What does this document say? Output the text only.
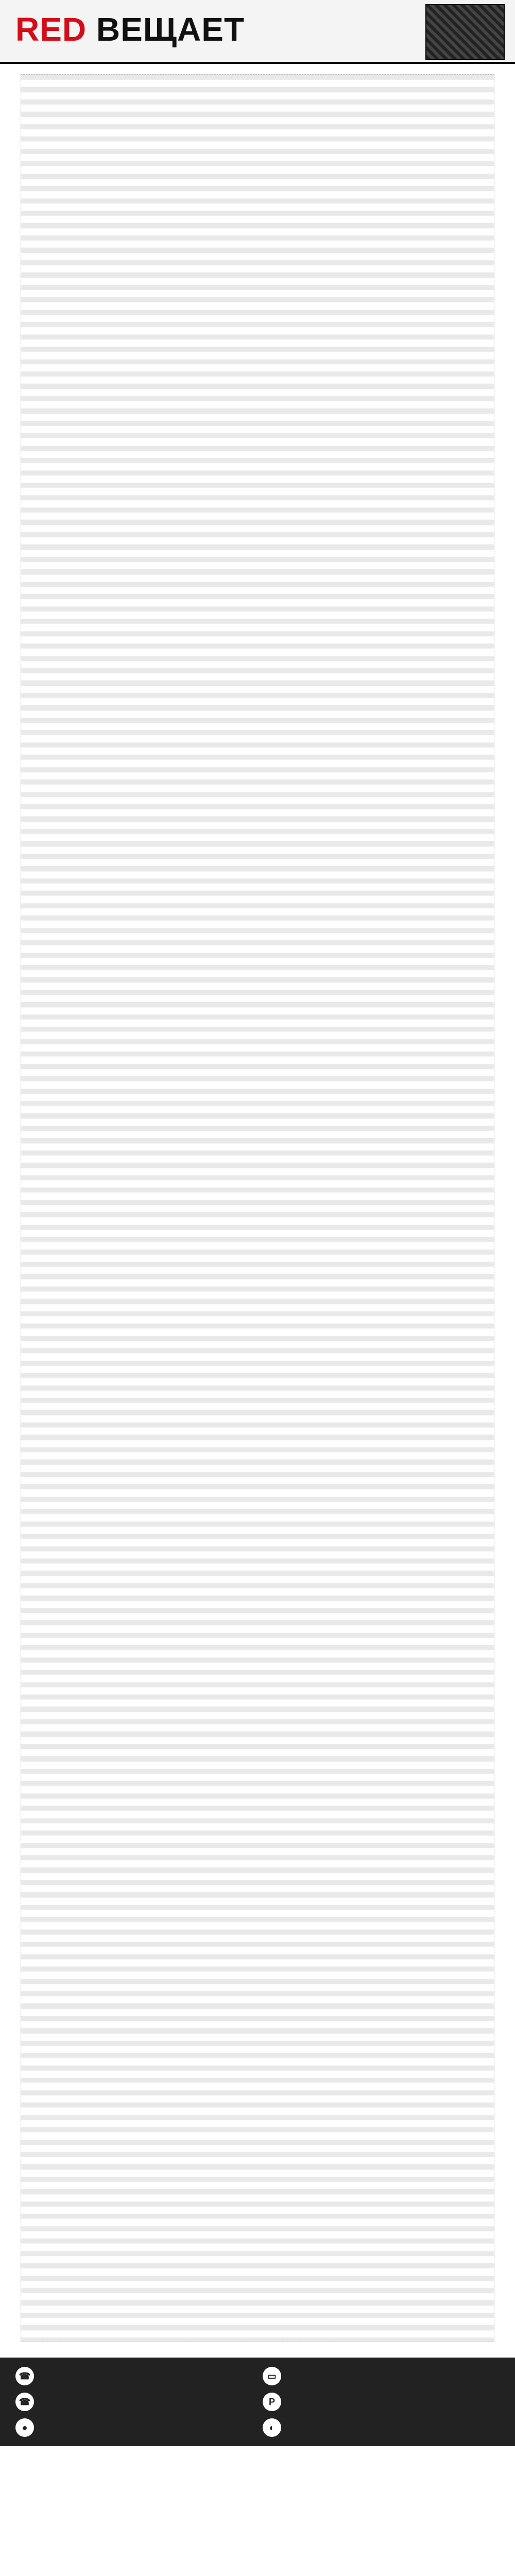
RED ВЕЩАЕТ
☎	▭
☎	P
●	◐
